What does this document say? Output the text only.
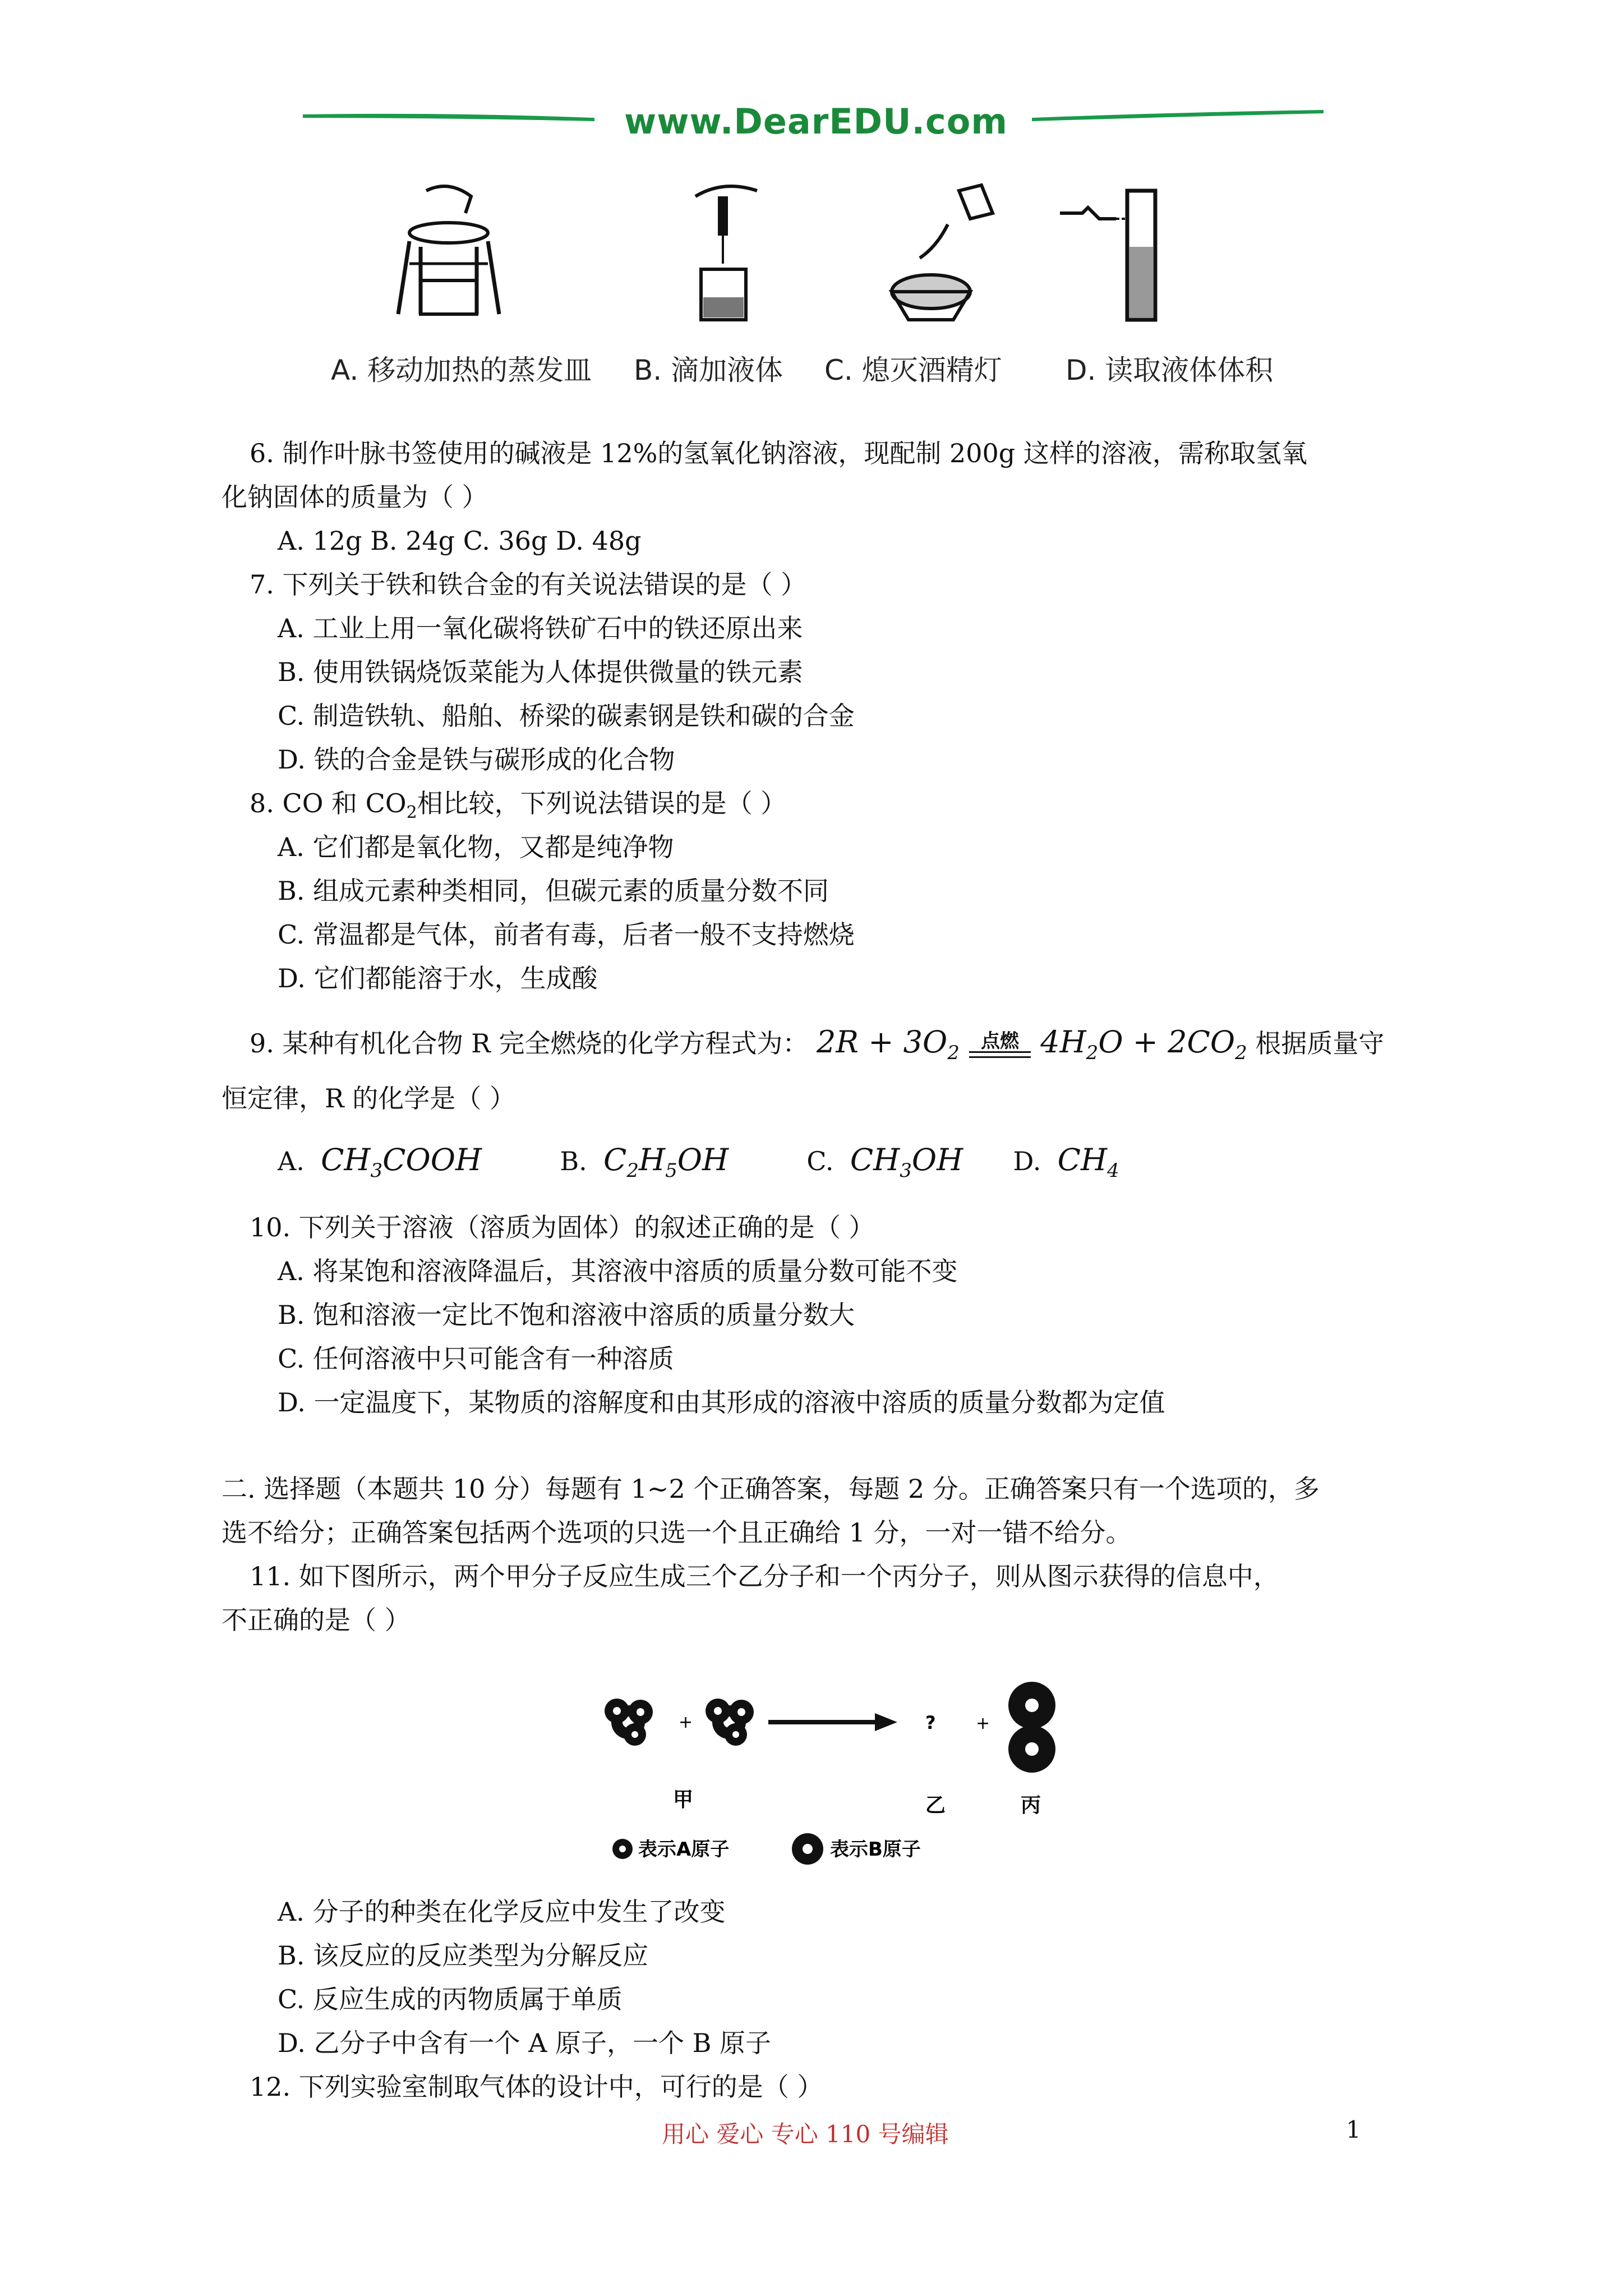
www.DearEDU.com
A. 移动加热的蒸发皿 B. 滴加液体 C. 熄灭酒精灯 D. 读取液体体积
6. 制作叶脉书签使用的碱液是 12%的氢氧化钠溶液，现配制 200g 这样的溶液，需称取氢氧
化钠固体的质量为（ ）
A. 12g B. 24g C. 36g D. 48g
7. 下列关于铁和铁合金的有关说法错误的是（ ）
A. 工业上用一氧化碳将铁矿石中的铁还原出来
B. 使用铁锅烧饭菜能为人体提供微量的铁元素
C. 制造铁轨、船舶、桥梁的碳素钢是铁和碳的合金
D. 铁的合金是铁与碳形成的化合物
8. CO 和 $CO_2$相比较，下列说法错误的是（ ）
A. 它们都是氧化物，又都是纯净物
B. 组成元素种类相同，但碳元素的质量分数不同
C. 常温都是气体，前者有毒，后者一般不支持燃烧
D. 它们都能溶于水，生成酸
9. 某种有机化合物 R 完全燃烧的化学方程式为： $2R + 3O_2$
点燃 $4H_2O + 2CO_2$ 根据质量守
恒定律，R 的化学是（ ）
A. $CH_3COOH$	B. $C_2H_5OH$	C. $CH_3OH$ D. $CH_4$
10. 下列关于溶液（溶质为固体）的叙述正确的是（ ）
A. 将某饱和溶液降温后，其溶液中溶质的质量分数可能不变
B. 饱和溶液一定比不饱和溶液中溶质的质量分数大
C. 任何溶液中只可能含有一种溶质
D. 一定温度下，某物质的溶解度和由其形成的溶液中溶质的质量分数都为定值
二. 选择题（本题共 10 分）每题有 1~2 个正确答案，每题 2 分。正确答案只有一个选项的，多
选不给分；正确答案包括两个选项的只选一个且正确给 1 分，一对一错不给分。
11. 如下图所示，两个甲分子反应生成三个乙分子和一个丙分子，则从图示获得的信息中，
不正确的是（ ）
+	? +
甲	乙	丙
表示A原子	表示B原子
A. 分子的种类在化学反应中发生了改变
B. 该反应的反应类型为分解反应
C. 反应生成的丙物质属于单质
D. 乙分子中含有一个 A 原子，一个 B 原子
12. 下列实验室制取气体的设计中，可行的是（ ）
用心 爱心 专心 110 号编辑	1
